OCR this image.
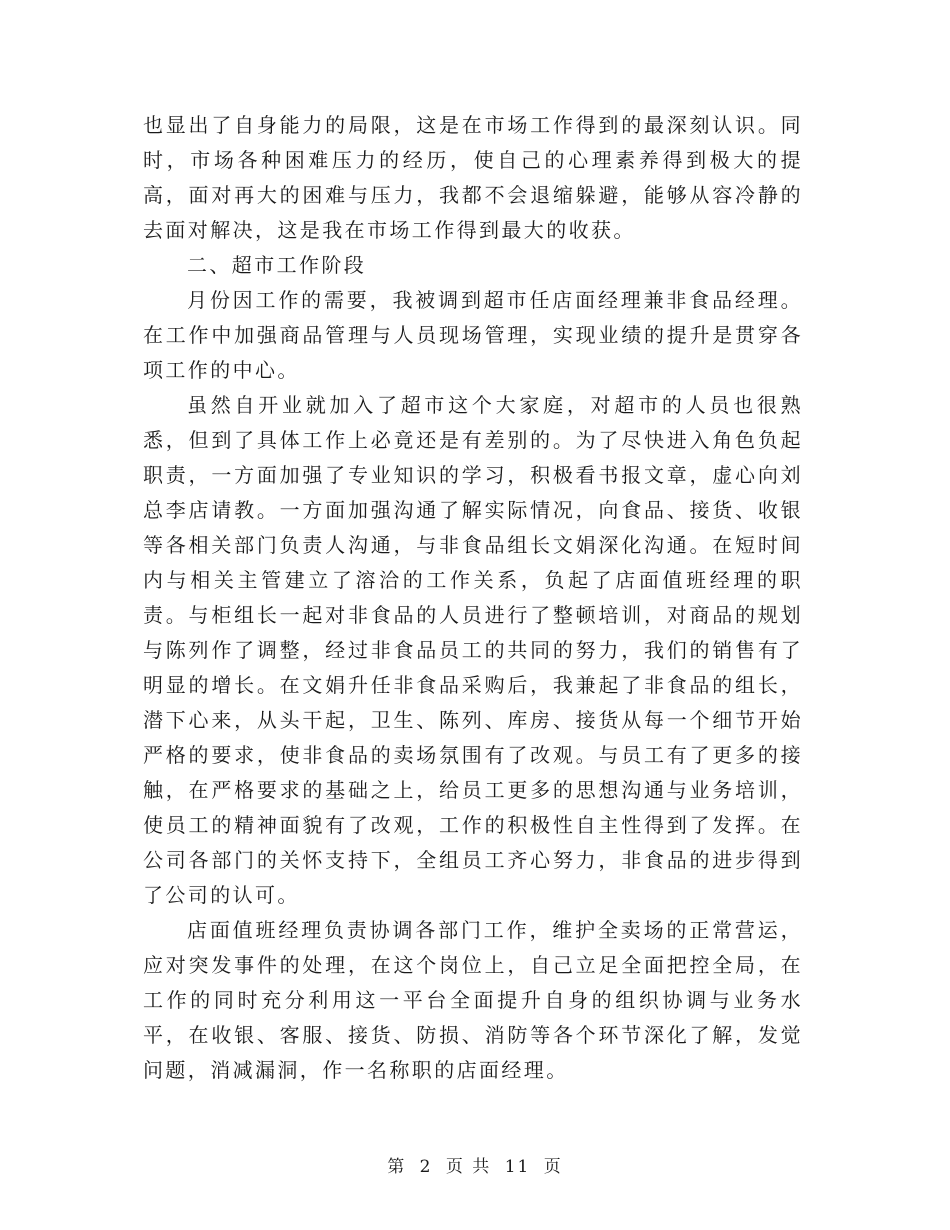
也显出了自身能力的局限，这是在市场工作得到的最深刻认识。同时，市场各种困难压力的经历，使自己的心理素养得到极大的提高，面对再大的困难与压力，我都不会退缩躲避，能够从容冷静的去面对解决，这是我在市场工作得到最大的收获。

二、超市工作阶段

月份因工作的需要，我被调到超市任店面经理兼非食品经理。在工作中加强商品管理与人员现场管理，实现业绩的提升是贯穿各项工作的中心。

虽然自开业就加入了超市这个大家庭，对超市的人员也很熟悉，但到了具体工作上必竟还是有差别的。为了尽快进入角色负起职责，一方面加强了专业知识的学习，积极看书报文章，虚心向刘总李店请教。一方面加强沟通了解实际情况，向食品、接货、收银等各相关部门负责人沟通，与非食品组长文娟深化沟通。在短时间内与相关主管建立了溶洽的工作关系，负起了店面值班经理的职责。与柜组长一起对非食品的人员进行了整顿培训，对商品的规划与陈列作了调整，经过非食品员工的共同的努力，我们的销售有了明显的增长。在文娟升任非食品采购后，我兼起了非食品的组长，潜下心来，从头干起，卫生、陈列、库房、接货从每一个细节开始严格的要求，使非食品的卖场氛围有了改观。与员工有了更多的接触，在严格要求的基础之上，给员工更多的思想沟通与业务培训，使员工的精神面貌有了改观，工作的积极性自主性得到了发挥。在公司各部门的关怀支持下，全组员工齐心努力，非食品的进步得到了公司的认可。

店面值班经理负责协调各部门工作，维护全卖场的正常营运，应对突发事件的处理，在这个岗位上，自己立足全面把控全局，在工作的同时充分利用这一平台全面提升自身的组织协调与业务水平，在收银、客服、接货、防损、消防等各个环节深化了解，发觉问题，消减漏洞，作一名称职的店面经理。

第 2 页 共 11 页
